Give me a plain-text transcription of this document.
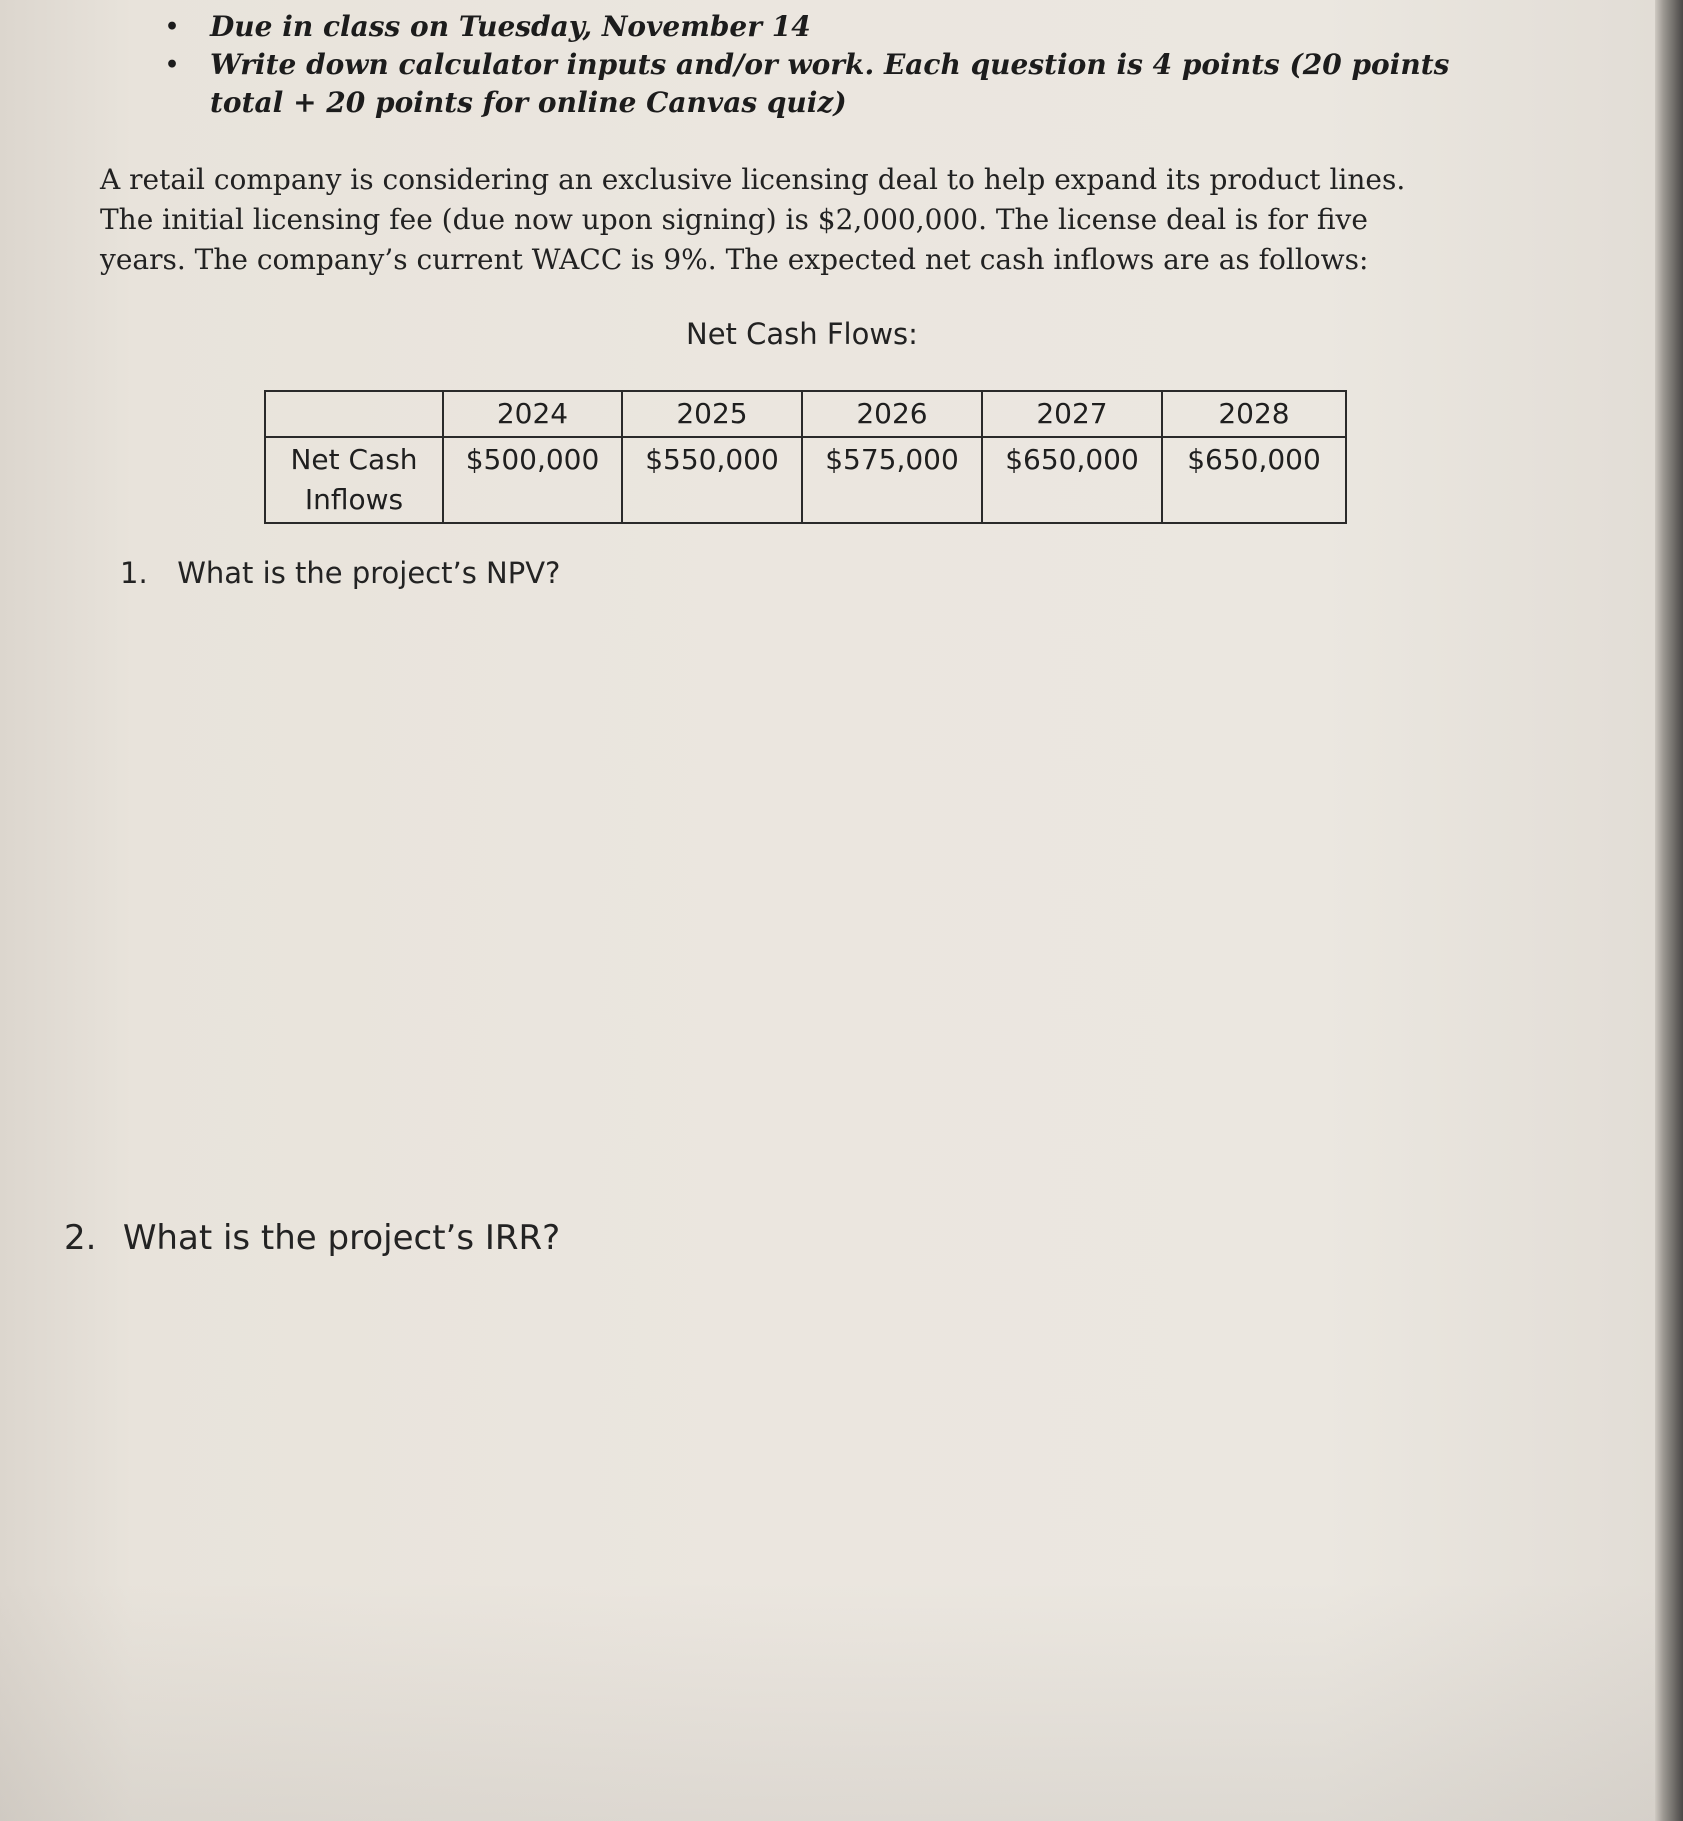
• Due in class on Tuesday, November 14
• Write down calculator inputs and/or work. Each question is 4 points (20 points total + 20 points for online Canvas quiz)
A retail company is considering an exclusive licensing deal to help expand its product lines.
The initial licensing fee (due now upon signing) is $2,000,000. The license deal is for five
years. The company’s current WACC is 9%. The expected net cash inflows are as follows:
Net Cash Flows:
	2024	2025	2026	2027	2028
Net Cash Inflows	$500,000	$550,000	$575,000	$650,000	$650,000
1. What is the project’s NPV?
2. What is the project’s IRR?
